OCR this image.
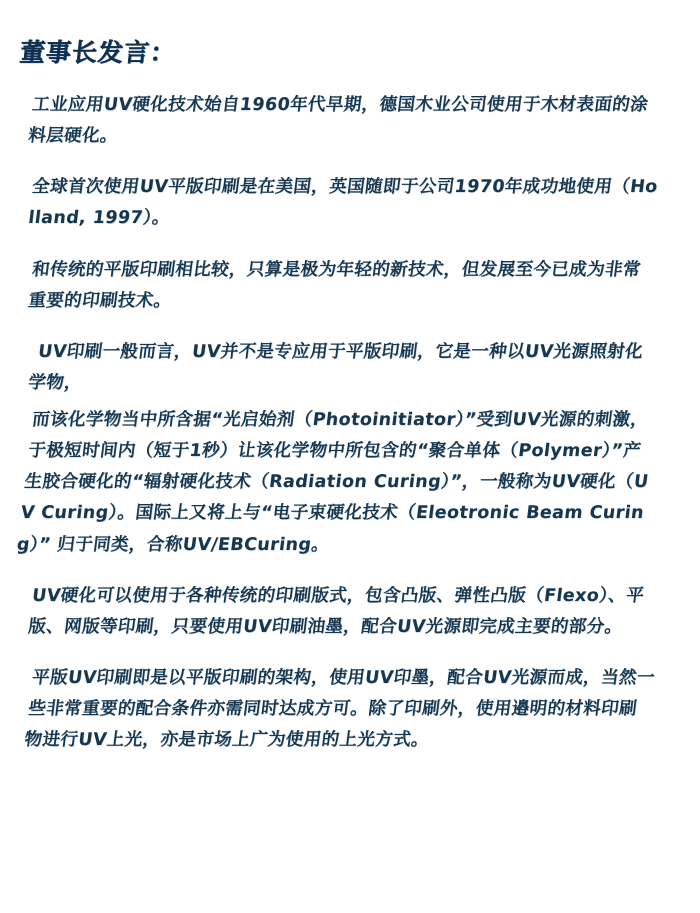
董事长发言：

工业应用UV硬化技术始自1960年代早期，德国木业公司使用于木材表面的涂料层硬化。

全球首次使用UV平版印刷是在美国，英国随即于公司1970年成功地使用（Holland, 1997）。

和传统的平版印刷相比较，只算是极为年轻的新技术，但发展至今已成为非常重要的印刷技术。

UV印刷一般而言，UV并不是专应用于平版印刷，它是一种以UV光源照射化学物，

而该化学物当中所含据“光启始剂（Photoinitiator）”受到UV光源的刺激，于极短时间内（短于1秒）让该化学物中所包含的“聚合单体（Polymer）”产生胶合硬化的“辐射硬化技术（Radiation Curing）”，一般称为UV硬化（UV Curing）。国际上又将上与“电子束硬化技术（Eleotronic Beam Curing）” 归于同类，合称UV/EBCuring。

UV硬化可以使用于各种传统的印刷版式，包含凸版、弹性凸版（Flexo）、平版、网版等印刷，只要使用UV印刷油墨，配合UV光源即完成主要的部分。

平版UV印刷即是以平版印刷的架构，使用UV印墨，配合UV光源而成，当然一些非常重要的配合条件亦需同时达成方可。除了印刷外，使用邉明的材料印刷物进行UV上光，亦是市场上广为使用的上光方式。
